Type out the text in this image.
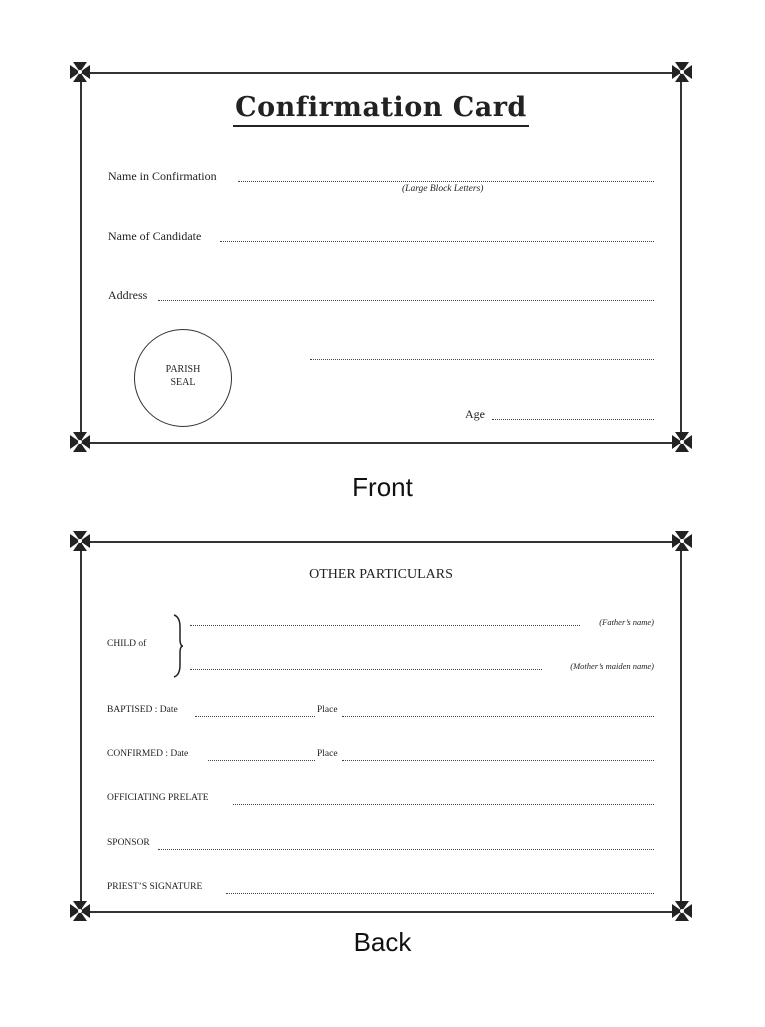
Confirmation Card
Name in Confirmation
(Large Block Letters)
Name of Candidate
Address
PARISH
SEAL
Age
Front
OTHER PARTICULARS
CHILD of
(Father’s name)
(Mother’s maiden name)
BAPTISED : Date	Place
CONFIRMED : Date	Place
OFFICIATING PRELATE
SPONSOR
PRIEST’S SIGNATURE
Back
